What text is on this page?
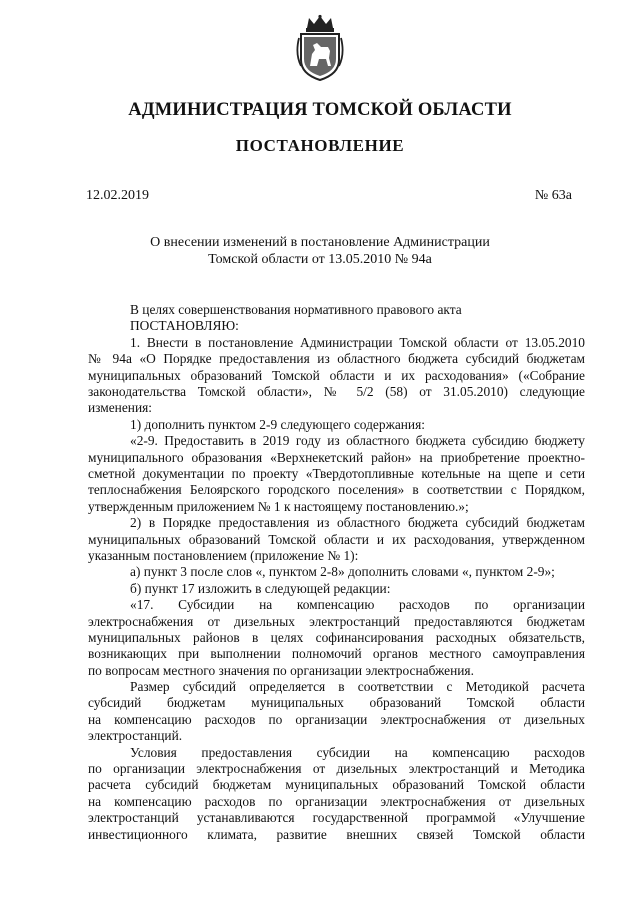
АДМИНИСТРАЦИЯ ТОМСКОЙ ОБЛАСТИ
ПОСТАНОВЛЕНИЕ
12.02.2019	№ 63а
О внесении изменений в постановление Администрации
Томской области от 13.05.2010 № 94а

В целях совершенствования нормативного правового акта

ПОСТАНОВЛЯЮ:

1. Внести в постановление Администрации Томской области от 13.05.2010
№ 94а «О Порядке предоставления из областного бюджета субсидий бюджетам
муниципальных образований Томской области и их расходования» («Собрание
законодательства Томской области», № 5/2 (58) от 31.05.2010) следующие
изменения:

1) дополнить пунктом 2-9 следующего содержания:

«2-9. Предоставить в 2019 году из областного бюджета субсидию бюджету
муниципального образования «Верхнекетский район» на приобретение проектно-
сметной документации по проекту «Твердотопливные котельные на щепе и сети
теплоснабжения Белоярского городского поселения» в соответствии с Порядком,
утвержденным приложением № 1 к настоящему постановлению.»;
2) в Порядке предоставления из областного бюджета субсидий бюджетам
муниципальных образований Томской области и их расходования, утвержденном
указанным постановлением (приложение № 1):

а) пункт 3 после слов «, пунктом 2-8» дополнить словами «, пунктом 2-9»;

б) пункт 17 изложить в следующей редакции:

«17. Субсидии на компенсацию расходов по организации
электроснабжения от дизельных электростанций предоставляются бюджетам
муниципальных районов в целях софинансирования расходных обязательств,
возникающих при выполнении полномочий органов местного самоуправления
по вопросам местного значения по организации электроснабжения.
Размер субсидий определяется в соответствии с Методикой расчета
субсидий бюджетам муниципальных образований Томской области
на компенсацию расходов по организации электроснабжения от дизельных
электростанций.
Условия предоставления субсидии на компенсацию расходов
по организации электроснабжения от дизельных электростанций и Методика
расчета субсидий бюджетам муниципальных образований Томской области
на компенсацию расходов по организации электроснабжения от дизельных
электростанций устанавливаются государственной программой «Улучшение
инвестиционного климата, развитие внешних связей Томской области
